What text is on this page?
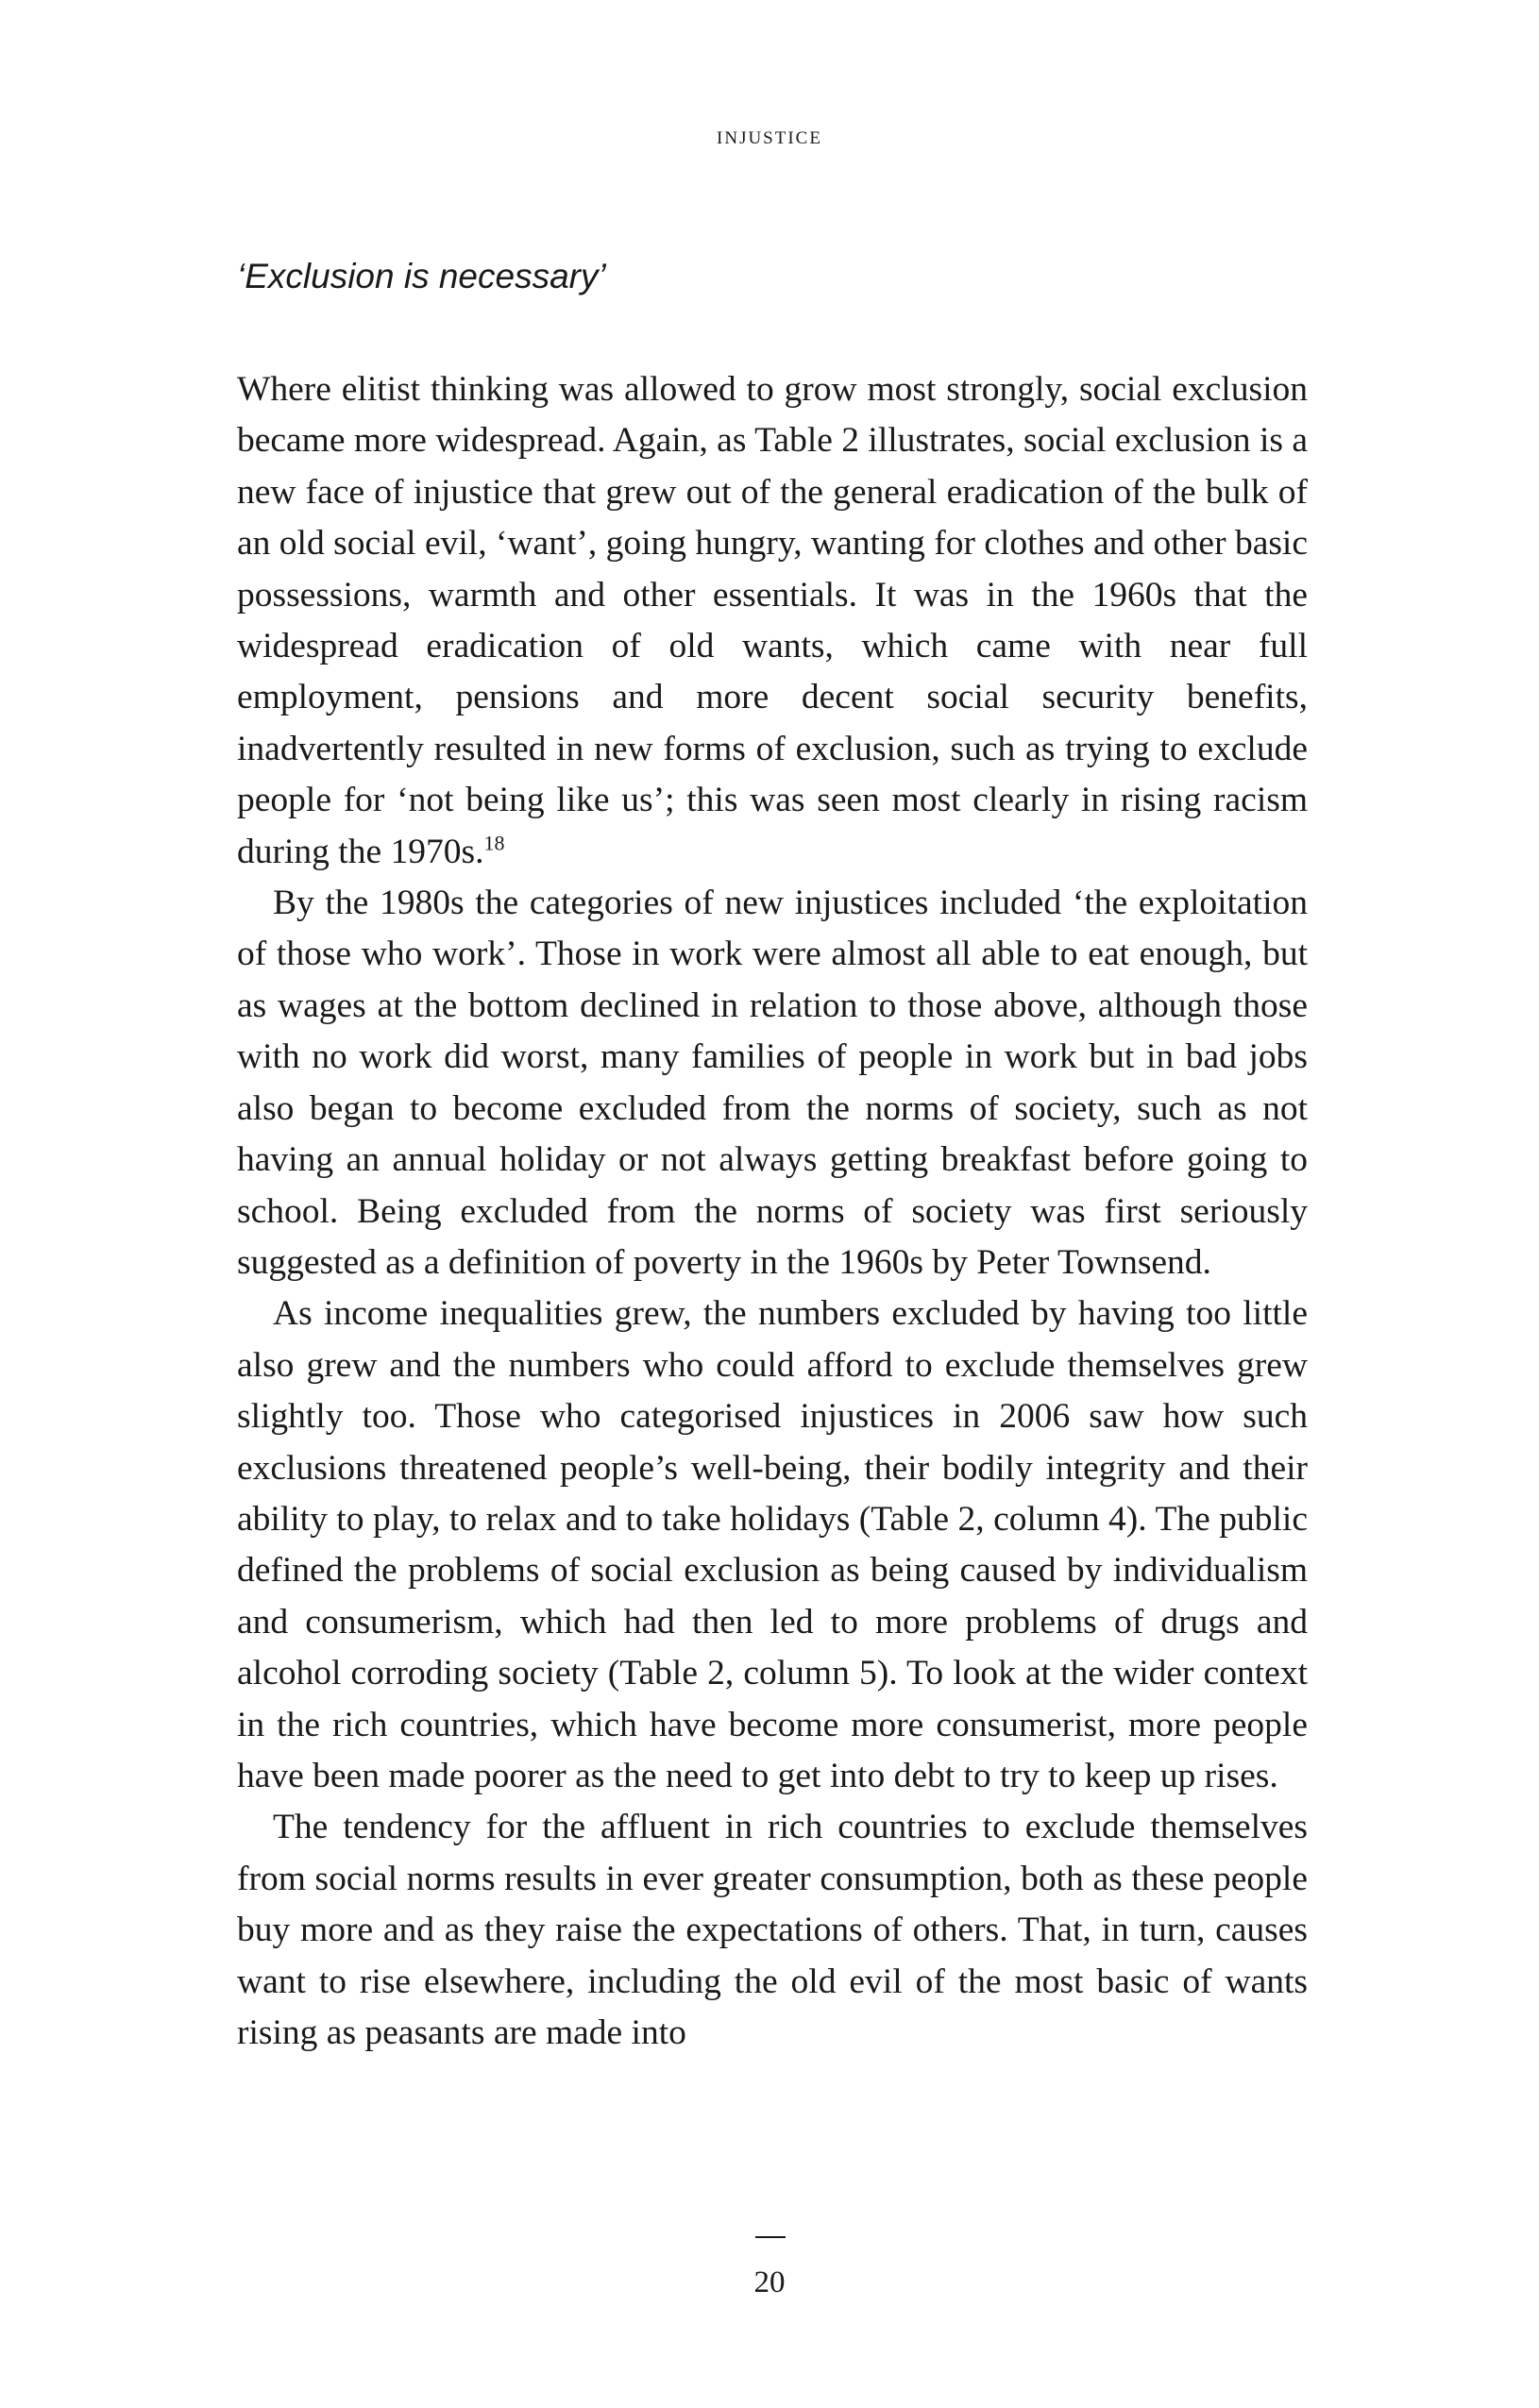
injustice
‘Exclusion is necessary’

Where elitist thinking was allowed to grow most strongly, social exclusion became more widespread. Again, as Table 2 illustrates, social exclusion is a new face of injustice that grew out of the general eradication of the bulk of an old social evil, ‘want’, going hungry, wanting for clothes and other basic possessions, warmth and other essentials. It was in the 1960s that the widespread eradication of old wants, which came with near full employment, pensions and more decent social security benefits, inadvertently resulted in new forms of exclusion, such as trying to exclude people for ‘not being like us’; this was seen most clearly in rising racism during the 1970s.$^{18}$

By the 1980s the categories of new injustices included ‘the exploitation of those who work’. Those in work were almost all able to eat enough, but as wages at the bottom declined in relation to those above, although those with no work did worst, many families of people in work but in bad jobs also began to become excluded from the norms of society, such as not having an annual holiday or not always getting breakfast before going to school. Being excluded from the norms of society was first seriously suggested as a definition of poverty in the 1960s by Peter Townsend.

As income inequalities grew, the numbers excluded by having too little also grew and the numbers who could afford to exclude themselves grew slightly too. Those who categorised injustices in 2006 saw how such exclusions threatened people’s well-being, their bodily integrity and their ability to play, to relax and to take holidays (Table 2, column 4). The public defined the problems of social exclusion as being caused by individualism and consumerism, which had then led to more problems of drugs and alcohol corroding society (Table 2, column 5). To look at the wider context in the rich countries, which have become more consumerist, more people have been made poorer as the need to get into debt to try to keep up rises.

The tendency for the affluent in rich countries to exclude themselves from social norms results in ever greater consumption, both as these people buy more and as they raise the expectations of others. That, in turn, causes want to rise elsewhere, including the old evil of the most basic of wants rising as peasants are made into

20
